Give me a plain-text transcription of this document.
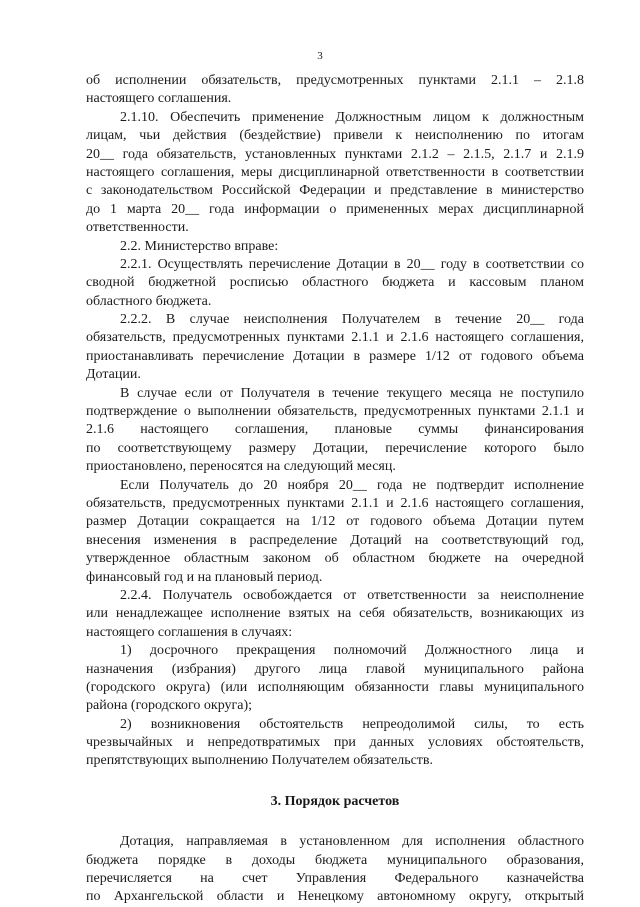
3
об исполнении обязательств, предусмотренных пунктами 2.1.1 – 2.1.8
настоящего соглашения.
2.1.10. Обеспечить применение Должностным лицом к должностным
лицам, чьи действия (бездействие) привели к неисполнению по итогам
20__ года обязательств, установленных пунктами 2.1.2 – 2.1.5, 2.1.7 и 2.1.9
настоящего соглашения, меры дисциплинарной ответственности в соответствии
с законодательством Российской Федерации и представление в министерство
до 1 марта 20__ года информации о примененных мерах дисциплинарной
ответственности.
2.2. Министерство вправе:
2.2.1. Осуществлять перечисление Дотации в 20__ году в соответствии со
сводной бюджетной росписью областного бюджета и кассовым планом
областного бюджета.
2.2.2. В случае неисполнения Получателем в течение 20__ года
обязательств, предусмотренных пунктами 2.1.1 и 2.1.6 настоящего соглашения,
приостанавливать перечисление Дотации в размере 1/12 от годового объема
Дотации.
В случае если от Получателя в течение текущего месяца не поступило
подтверждение о выполнении обязательств, предусмотренных пунктами 2.1.1 и
2.1.6 настоящего соглашения, плановые суммы финансирования
по соответствующему размеру Дотации, перечисление которого было
приостановлено, переносятся на следующий месяц.
Если Получатель до 20 ноября 20__ года не подтвердит исполнение
обязательств, предусмотренных пунктами 2.1.1 и 2.1.6 настоящего соглашения,
размер Дотации сокращается на 1/12 от годового объема Дотации путем
внесения изменения в распределение Дотаций на соответствующий год,
утвержденное областным законом об областном бюджете на очередной
финансовый год и на плановый период.
2.2.4. Получатель освобождается от ответственности за неисполнение
или ненадлежащее исполнение взятых на себя обязательств, возникающих из
настоящего соглашения в случаях:
1) досрочного прекращения полномочий Должностного лица и
назначения (избрания) другого лица главой муниципального района
(городского округа) (или исполняющим обязанности главы муниципального
района (городского округа);
2) возникновения обстоятельств непреодолимой силы, то есть
чрезвычайных и непредотвратимых при данных условиях обстоятельств,
препятствующих выполнению Получателем обязательств.
3. Порядок расчетов
Дотация, направляемая в установленном для исполнения областного
бюджета порядке в доходы бюджета муниципального образования,
перечисляется на счет Управления Федерального казначейства
по Архангельской области и Ненецкому автономному округу, открытый
